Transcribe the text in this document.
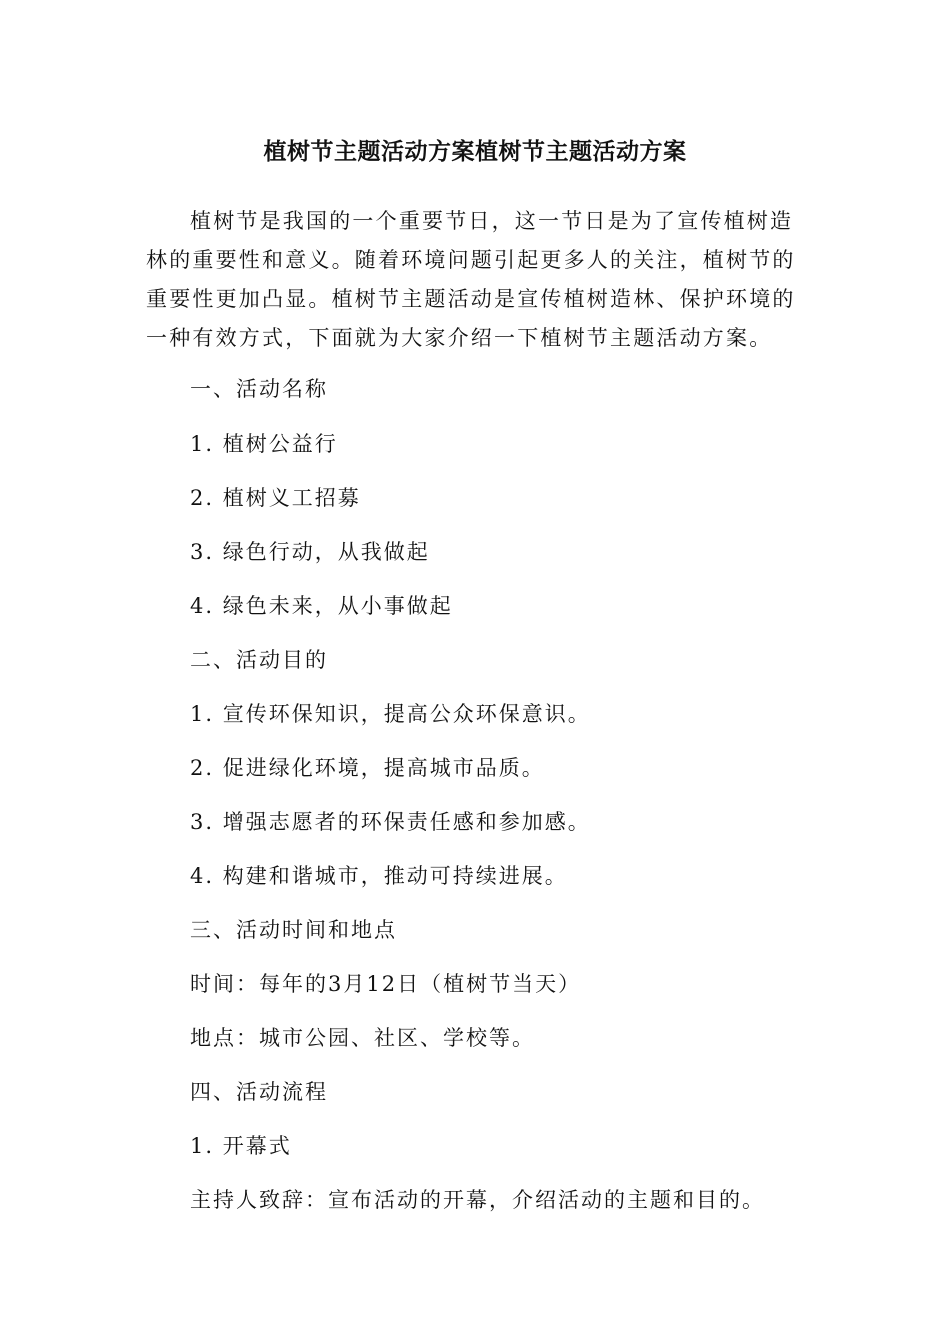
植树节主题活动方案植树节主题活动方案

植树节是我国的一个重要节日，这一节日是为了宣传植树造林的重要性和意义。随着环境问题引起更多人的关注，植树节的重要性更加凸显。植树节主题活动是宣传植树造林、保护环境的一种有效方式，下面就为大家介绍一下植树节主题活动方案。

一、活动名称

1. 植树公益行

2. 植树义工招募

3. 绿色行动，从我做起

4. 绿色未来，从小事做起

二、活动目的

1. 宣传环保知识，提高公众环保意识。

2. 促进绿化环境，提高城市品质。

3. 增强志愿者的环保责任感和参加感。

4. 构建和谐城市，推动可持续进展。

三、活动时间和地点

时间：每年的3月12日（植树节当天）

地点：城市公园、社区、学校等。

四、活动流程

1. 开幕式

主持人致辞：宣布活动的开幕，介绍活动的主题和目的。
